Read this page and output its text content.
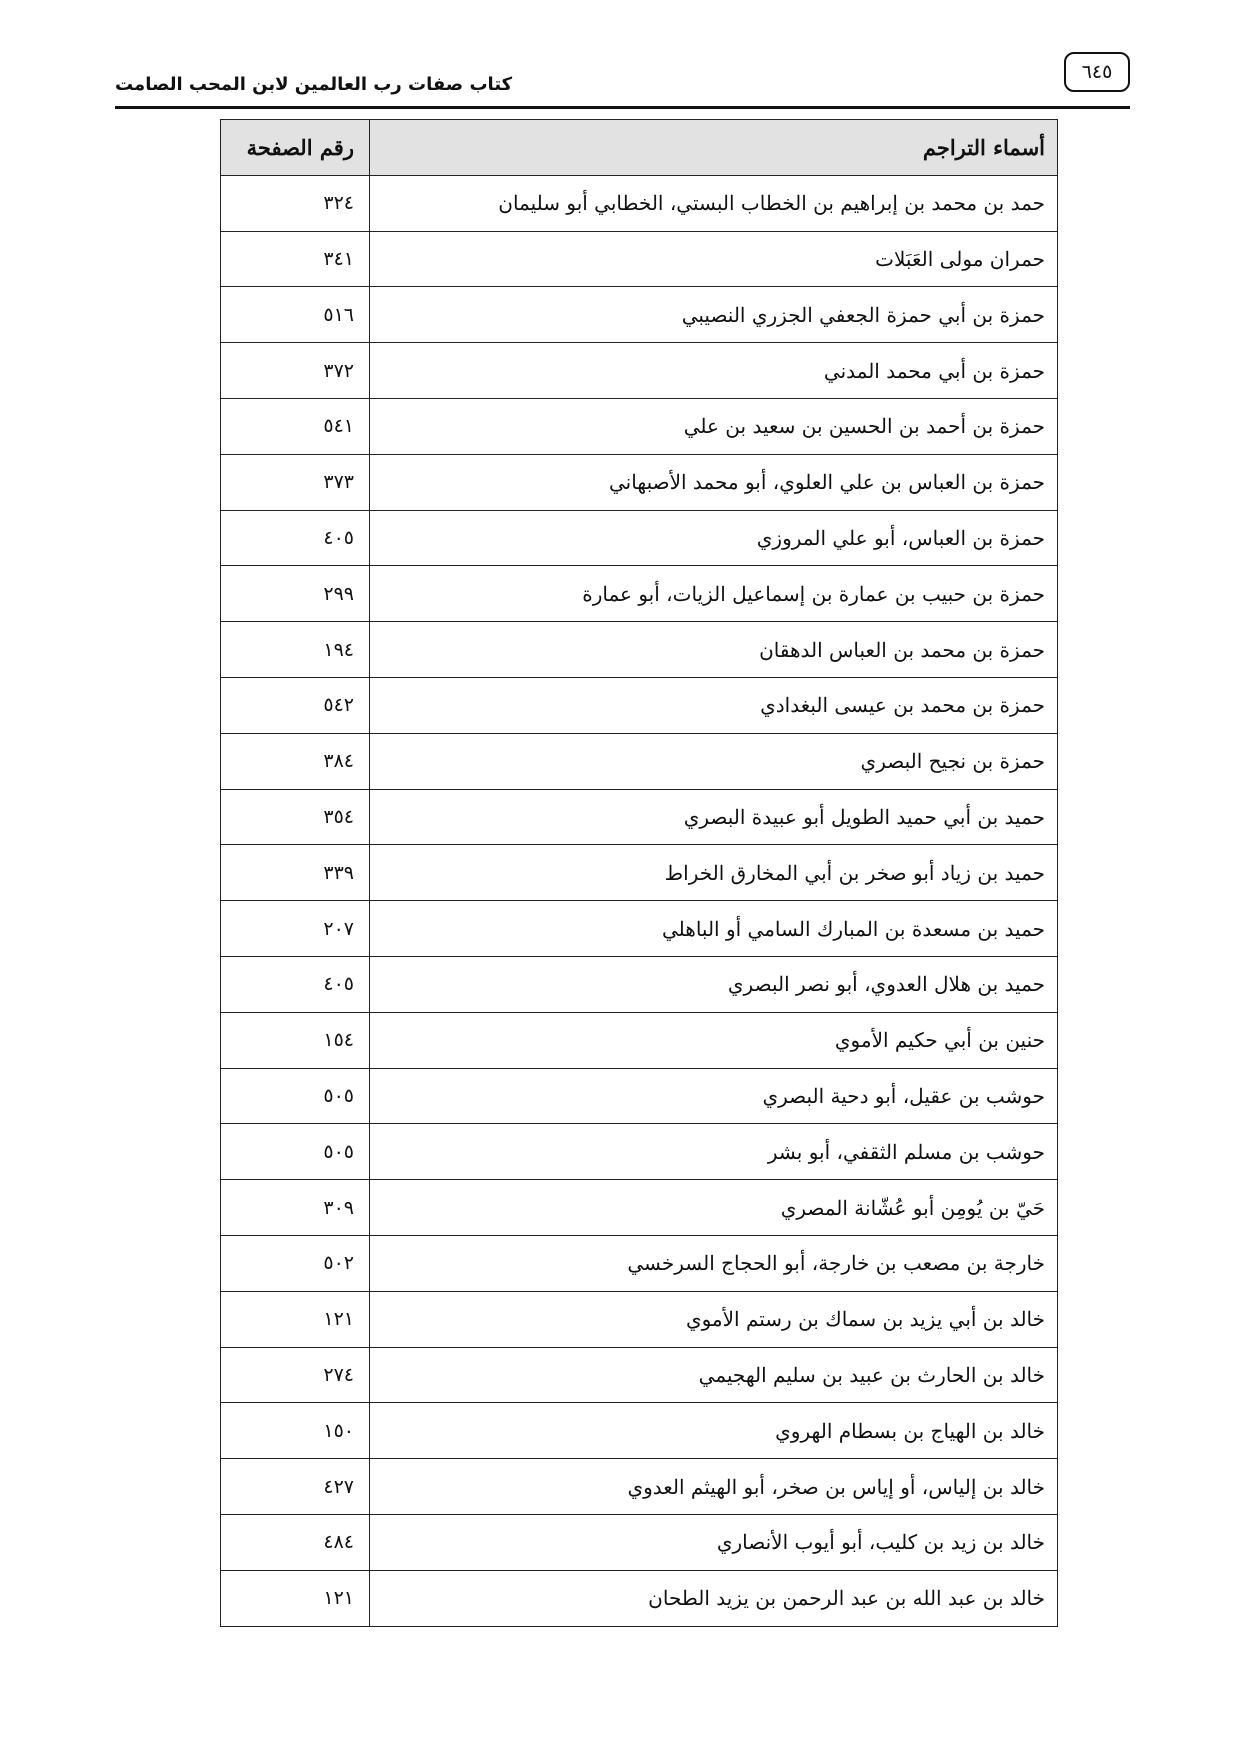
كتاب صفات رب العالمين لابن المحب الصامت
٦٤٥
أسماء التراجم	رقم الصفحة
حمد بن محمد بن إبراهيم بن الخطاب البستي، الخطابي أبو سليمان	٣٢٤
حمران مولى العَبَلات	٣٤١
حمزة بن أبي حمزة الجعفي الجزري النصيبي	٥١٦
حمزة بن أبي محمد المدني	٣٧٢
حمزة بن أحمد بن الحسين بن سعيد بن علي	٥٤١
حمزة بن العباس بن علي العلوي، أبو محمد الأصبهاني	٣٧٣
حمزة بن العباس، أبو علي المروزي	٤٠٥
حمزة بن حبيب بن عمارة بن إسماعيل الزيات، أبو عمارة	٢٩٩
حمزة بن محمد بن العباس الدهقان	١٩٤
حمزة بن محمد بن عيسى البغدادي	٥٤٢
حمزة بن نجيح البصري	٣٨٤
حميد بن أبي حميد الطويل أبو عبيدة البصري	٣٥٤
حميد بن زياد أبو صخر بن أبي المخارق الخراط	٣٣٩
حميد بن مسعدة بن المبارك السامي أو الباهلي	٢٠٧
حميد بن هلال العدوي، أبو نصر البصري	٤٠٥
حنين بن أبي حكيم الأموي	١٥٤
حوشب بن عقيل، أبو دحية البصري	٥٠٥
حوشب بن مسلم الثقفي، أبو بشر	٥٠٥
حَيّ بن يُومِن أبو عُشّانة المصري	٣٠٩
خارجة بن مصعب بن خارجة، أبو الحجاج السرخسي	٥٠٢
خالد بن أبي يزيد بن سماك بن رستم الأموي	١٢١
خالد بن الحارث بن عبيد بن سليم الهجيمي	٢٧٤
خالد بن الهياج بن بسطام الهروي	١٥٠
خالد بن إلياس، أو إياس بن صخر، أبو الهيثم العدوي	٤٢٧
خالد بن زيد بن كليب، أبو أيوب الأنصاري	٤٨٤
خالد بن عبد الله بن عبد الرحمن بن يزيد الطحان	١٢١
